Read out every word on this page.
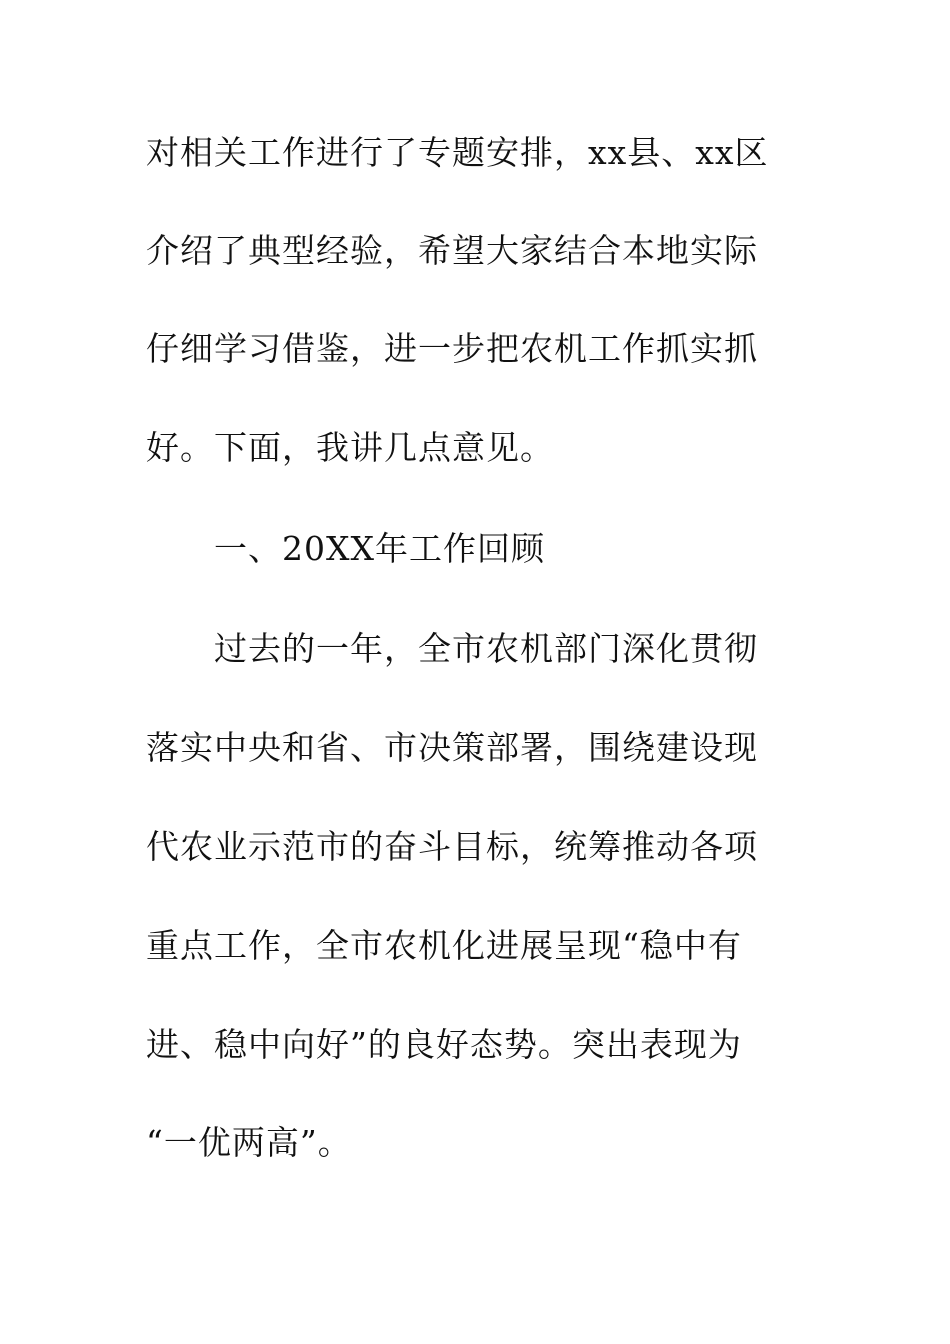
对相关工作进行了专题安排，xx县、xx区
介绍了典型经验，希望大家结合本地实际
仔细学习借鉴，进一步把农机工作抓实抓
好。下面，我讲几点意见。
一、20XX年工作回顾
过去的一年，全市农机部门深化贯彻
落实中央和省、市决策部署，围绕建设现
代农业示范市的奋斗目标，统筹推动各项
重点工作，全市农机化进展呈现“稳中有
进、稳中向好”的良好态势。突出表现为
“一优两高”。
